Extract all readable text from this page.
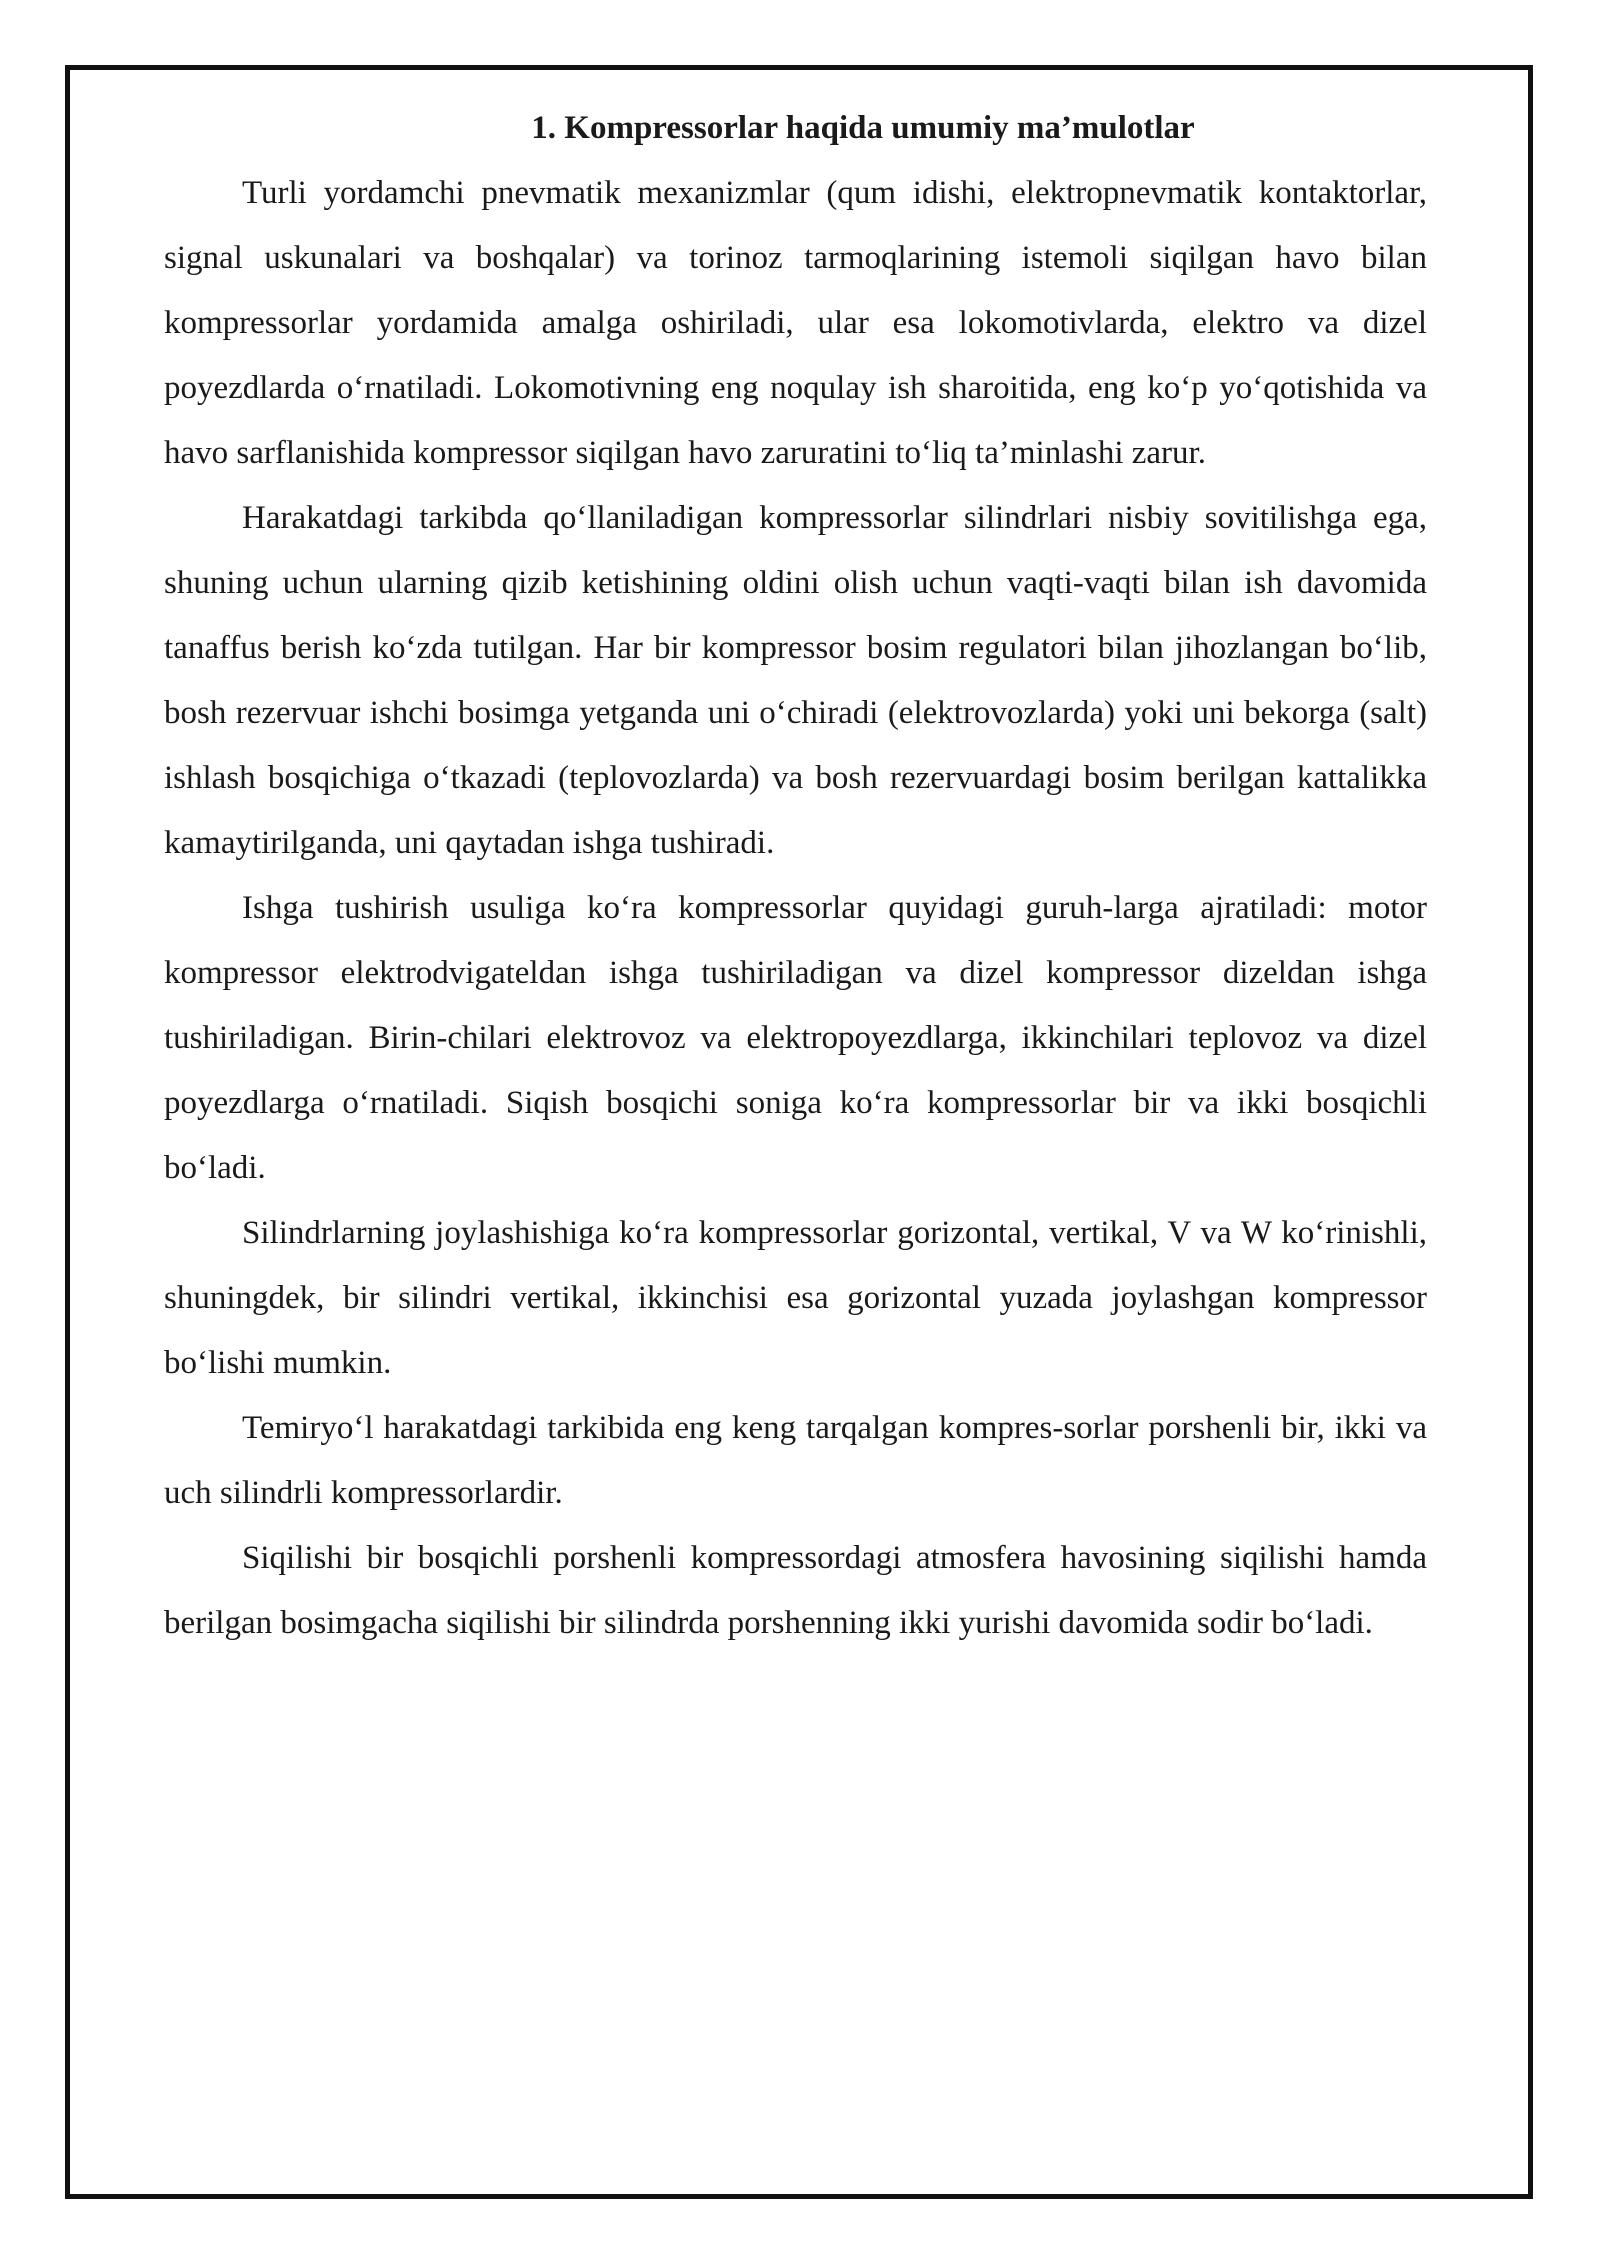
1. Kompressorlar haqida umumiy ma’mulotlar

Turli yordamchi pnevmatik mexanizmlar (qum idishi, elektropnevmatik kontaktorlar, signal uskunalari va boshqalar) va torinoz tarmoqlarining istemoli siqilgan havo bilan kompressorlar yordamida amalga oshiriladi, ular esa lokomotivlarda, elektro va dizel poyezdlarda o‘rnatiladi. Lokomotivning eng noqulay ish sharoitida, eng ko‘p yo‘qotishida va havo sarflanishida kompressor siqilgan havo zaruratini to‘liq ta’minlashi zarur.

Harakatdagi tarkibda qo‘llaniladigan kompressorlar silindrlari nisbiy sovitilishga ega, shuning uchun ularning qizib ketishining oldini olish uchun vaqti-vaqti bilan ish davomida tanaffus berish ko‘zda tutilgan. Har bir kompressor bosim regulatori bilan jihozlangan bo‘lib, bosh rezervuar ishchi bosimga yetganda uni o‘chiradi (elektrovozlarda) yoki uni bekorga (salt) ishlash bosqichiga o‘tkazadi (teplovozlarda) va bosh rezervuardagi bosim berilgan kattalikka kamaytirilganda, uni qaytadan ishga tushiradi.

Ishga tushirish usuliga ko‘ra kompressorlar quyidagi guruh-larga ajratiladi: motor kompressor elektrodvigateldan ishga tushiriladigan va dizel kompressor dizeldan ishga tushiriladigan. Birin-chilari elektrovoz va elektropoyezdlarga, ikkinchilari teplovoz va dizel poyezdlarga o‘rnatiladi. Siqish bosqichi soniga ko‘ra kompressorlar bir va ikki bosqichli bo‘ladi.

Silindrlarning joylashishiga ko‘ra kompressorlar gorizontal, vertikal, V va W ko‘rinishli, shuningdek, bir silindri vertikal, ikkinchisi esa gorizontal yuzada joylashgan kompressor bo‘lishi mumkin.

Temiryo‘l harakatdagi tarkibida eng keng tarqalgan kompres-sorlar porshenli bir, ikki va uch silindrli kompressorlardir.

Siqilishi bir bosqichli porshenli kompressordagi atmosfera havosining siqilishi hamda berilgan bosimgacha siqilishi bir silindrda porshenning ikki yurishi davomida sodir bo‘ladi.
